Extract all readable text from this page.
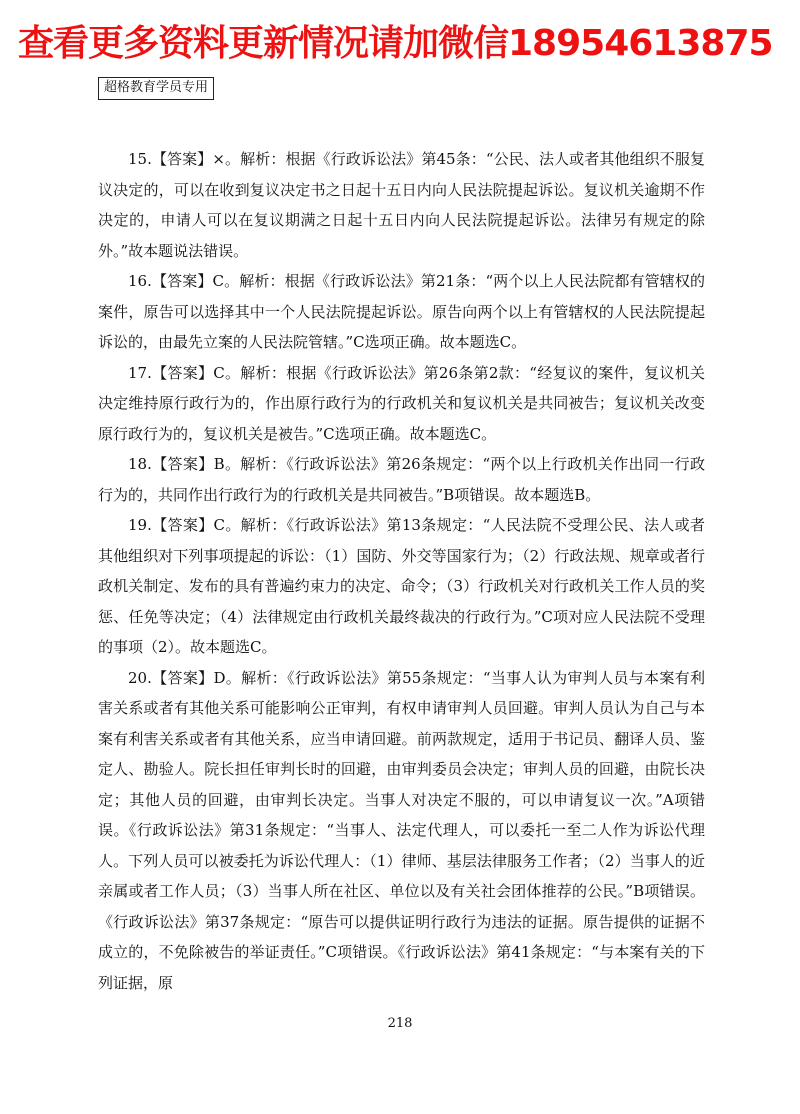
查看更多资料更新情况请加微信18954613875
超格教育学员专用

15.【答案】×。解析：根据《行政诉讼法》第45条：“公民、法人或者其他组织不服复议决定的，可以在收到复议决定书之日起十五日内向人民法院提起诉讼。复议机关逾期不作决定的，申请人可以在复议期满之日起十五日内向人民法院提起诉讼。法律另有规定的除外。”故本题说法错误。

16.【答案】C。解析：根据《行政诉讼法》第21条：“两个以上人民法院都有管辖权的案件，原告可以选择其中一个人民法院提起诉讼。原告向两个以上有管辖权的人民法院提起诉讼的，由最先立案的人民法院管辖。”C选项正确。故本题选C。

17.【答案】C。解析：根据《行政诉讼法》第26条第2款：“经复议的案件，复议机关决定维持原行政行为的，作出原行政行为的行政机关和复议机关是共同被告；复议机关改变原行政行为的，复议机关是被告。”C选项正确。故本题选C。

18.【答案】B。解析：《行政诉讼法》第26条规定：“两个以上行政机关作出同一行政行为的，共同作出行政行为的行政机关是共同被告。”B项错误。故本题选B。

19.【答案】C。解析：《行政诉讼法》第13条规定：“人民法院不受理公民、法人或者其他组织对下列事项提起的诉讼：（1）国防、外交等国家行为；（2）行政法规、规章或者行政机关制定、发布的具有普遍约束力的决定、命令；（3）行政机关对行政机关工作人员的奖惩、任免等决定；（4）法律规定由行政机关最终裁决的行政行为。”C项对应人民法院不受理的事项（2）。故本题选C。

20.【答案】D。解析：《行政诉讼法》第55条规定：“当事人认为审判人员与本案有利害关系或者有其他关系可能影响公正审判，有权申请审判人员回避。审判人员认为自己与本案有利害关系或者有其他关系，应当申请回避。前两款规定，适用于书记员、翻译人员、鉴定人、勘验人。院长担任审判长时的回避，由审判委员会决定；审判人员的回避，由院长决定；其他人员的回避，由审判长决定。当事人对决定不服的，可以申请复议一次。”A项错误。《行政诉讼法》第31条规定：“当事人、法定代理人，可以委托一至二人作为诉讼代理人。下列人员可以被委托为诉讼代理人：（1）律师、基层法律服务工作者；（2）当事人的近亲属或者工作人员；（3）当事人所在社区、单位以及有关社会团体推荐的公民。”B项错误。《行政诉讼法》第37条规定：“原告可以提供证明行政行为违法的证据。原告提供的证据不成立的，不免除被告的举证责任。”C项错误。《行政诉讼法》第41条规定：“与本案有关的下列证据，原

218
